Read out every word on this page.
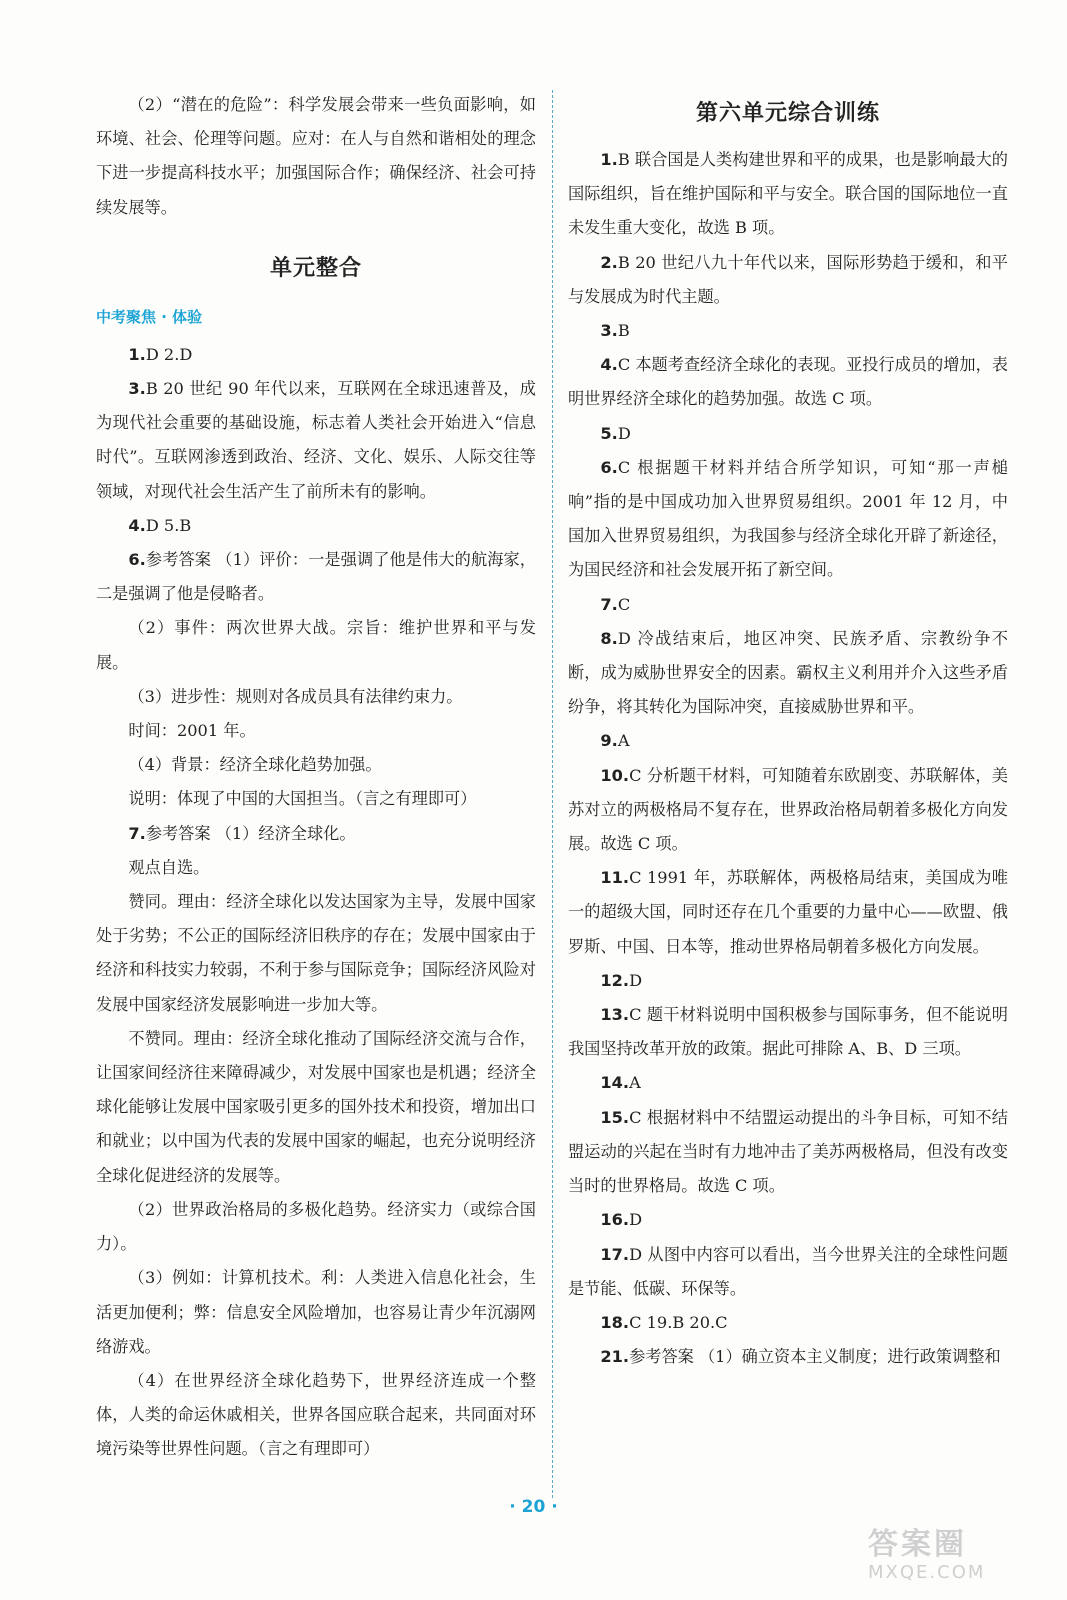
（2）“潜在的危险”：科学发展会带来一些负面影响，如环境、社会、伦理等问题。应对：在人与自然和谐相处的理念下进一步提高科技水平；加强国际合作；确保经济、社会可持续发展等。

单元整合
中考聚焦 · 体验

1.D 2.D

3.B 20 世纪 90 年代以来，互联网在全球迅速普及，成为现代社会重要的基础设施，标志着人类社会开始进入“信息时代”。互联网渗透到政治、经济、文化、娱乐、人际交往等领域，对现代社会生活产生了前所未有的影响。

4.D 5.B

6.参考答案 （1）评价：一是强调了他是伟大的航海家，二是强调了他是侵略者。

（2）事件：两次世界大战。宗旨：维护世界和平与发展。

（3）进步性：规则对各成员具有法律约束力。

时间：2001 年。

（4）背景：经济全球化趋势加强。

说明：体现了中国的大国担当。（言之有理即可）

7.参考答案 （1）经济全球化。

观点自选。

赞同。理由：经济全球化以发达国家为主导，发展中国家处于劣势；不公正的国际经济旧秩序的存在；发展中国家由于经济和科技实力较弱，不利于参与国际竞争；国际经济风险对发展中国家经济发展影响进一步加大等。

不赞同。理由：经济全球化推动了国际经济交流与合作，让国家间经济往来障碍减少，对发展中国家也是机遇；经济全球化能够让发展中国家吸引更多的国外技术和投资，增加出口和就业；以中国为代表的发展中国家的崛起，也充分说明经济全球化促进经济的发展等。

（2）世界政治格局的多极化趋势。经济实力（或综合国力）。

（3）例如：计算机技术。利：人类进入信息化社会，生活更加便利；弊：信息安全风险增加，也容易让青少年沉溺网络游戏。

（4）在世界经济全球化趋势下，世界经济连成一个整体，人类的命运休戚相关，世界各国应联合起来，共同面对环境污染等世界性问题。（言之有理即可）

第六单元综合训练

1.B 联合国是人类构建世界和平的成果，也是影响最大的国际组织，旨在维护国际和平与安全。联合国的国际地位一直未发生重大变化，故选 B 项。

2.B 20 世纪八九十年代以来，国际形势趋于缓和，和平与发展成为时代主题。

3.B

4.C 本题考查经济全球化的表现。亚投行成员的增加，表明世界经济全球化的趋势加强。故选 C 项。

5.D

6.C 根据题干材料并结合所学知识，可知“那一声槌响”指的是中国成功加入世界贸易组织。2001 年 12 月，中国加入世界贸易组织，为我国参与经济全球化开辟了新途径，为国民经济和社会发展开拓了新空间。

7.C

8.D 冷战结束后，地区冲突、民族矛盾、宗教纷争不断，成为威胁世界安全的因素。霸权主义利用并介入这些矛盾纷争，将其转化为国际冲突，直接威胁世界和平。

9.A

10.C 分析题干材料，可知随着东欧剧变、苏联解体，美苏对立的两极格局不复存在，世界政治格局朝着多极化方向发展。故选 C 项。

11.C 1991 年，苏联解体，两极格局结束，美国成为唯一的超级大国，同时还存在几个重要的力量中心——欧盟、俄罗斯、中国、日本等，推动世界格局朝着多极化方向发展。

12.D

13.C 题干材料说明中国积极参与国际事务，但不能说明我国坚持改革开放的政策。据此可排除 A、B、D 三项。

14.A

15.C 根据材料中不结盟运动提出的斗争目标，可知不结盟运动的兴起在当时有力地冲击了美苏两极格局，但没有改变当时的世界格局。故选 C 项。

16.D

17.D 从图中内容可以看出，当今世界关注的全球性问题是节能、低碳、环保等。

18.C 19.B 20.C

21.参考答案 （1）确立资本主义制度；进行政策调整和

· 20 ·
答案圈
MXQE.COM
